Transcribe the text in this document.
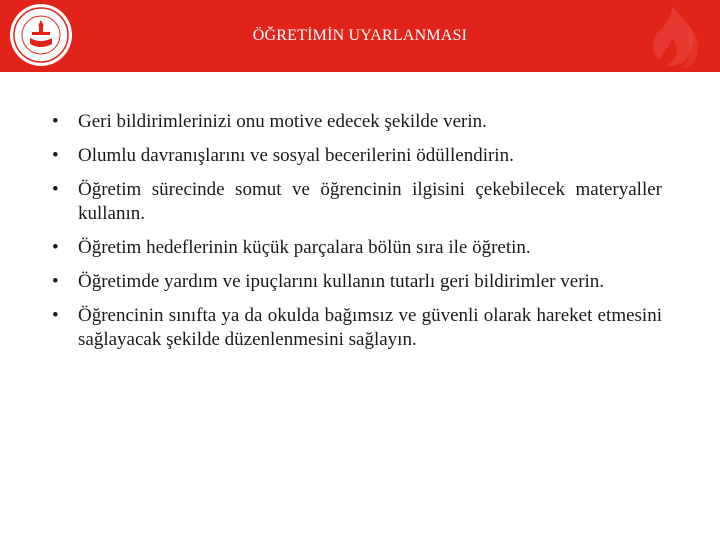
ÖĞRETİMİN UYARLANMASI
• Geri bildirimlerinizi onu motive edecek şekilde verin.
• Olumlu davranışlarını ve sosyal becerilerini ödüllendirin.
• Öğretim sürecinde somut ve öğrencinin ilgisini çekebilecek materyaller kullanın.
• Öğretim hedeflerinin küçük parçalara bölün sıra ile öğretin.
• Öğretimde yardım ve ipuçlarını kullanın tutarlı geri bildirimler verin.
• Öğrencinin sınıfta ya da okulda bağımsız ve güvenli olarak hareket etmesini sağlayacak şekilde düzenlenmesini sağlayın.
